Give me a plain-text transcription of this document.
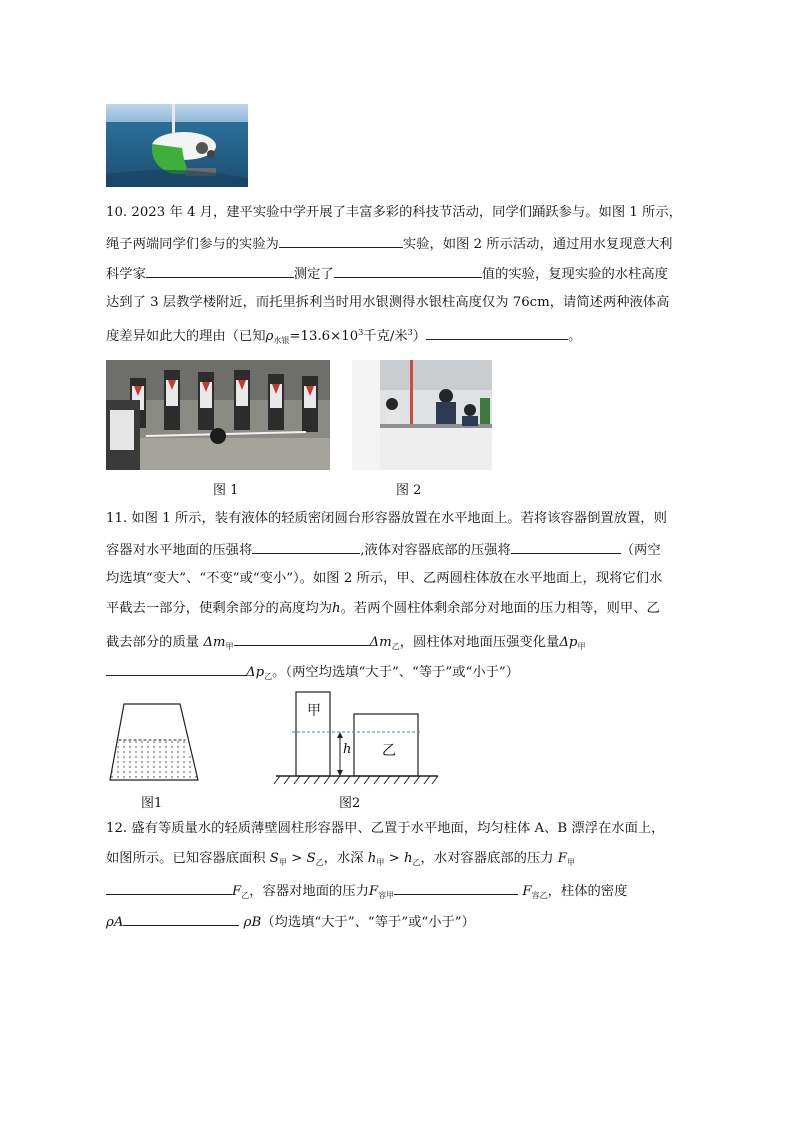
10. 2023 年 4 月，建平实验中学开展了丰富多彩的科技节活动，同学们踊跃参与。如图 1 所示，
绳子两端同学们参与的实验为	实验，如图 2 所示活动，通过用水复现意大利
科学家	测定了	值的实验，复现实验的水柱高度
达到了 3 层教学楼附近，而托里拆利当时用水银测得水银柱高度仅为 76cm，请简述两种液体高
度差异如此大的理由（已知$\rho_{水银}=13.6\times 10^3$千克/米$^3$）	。
图 1	图 2
11. 如图 1 所示，装有液体的轻质密闭圆台形容器放置在水平地面上。若将该容器倒置放置，则
容器对水平地面的压强将	,液体对容器底部的压强将	（两空
均选填“变大”、“不变”或“变小”）。如图 2 所示，甲、乙两圆柱体放在水平地面上，现将它们水
平截去一部分，使剩余部分的高度均为h。若两个圆柱体剩余部分对地面的压力相等，则甲、乙
截去部分的质量 $\Delta m_甲$	$\Delta m_乙$，圆柱体对地面压强变化量$\Delta p_甲$
$\Delta p_乙$。（两空均选填“大于”、“等于”或“小于”）
图1
甲
乙
h
图2
12. 盛有等质量水的轻质薄壁圆柱形容器甲、乙置于水平地面，均匀柱体 A、B 漂浮在水面上，
如图所示。已知容器底面积 $S_甲 > S_乙$，水深 $h_甲 > h_乙$，水对容器底部的压力 $F_甲$
$F_乙$，容器对地面的压力$F_{容甲}$	$F_{容乙}$，柱体的密度
ρA	ρB（均选填“大于”、“等于”或“小于”）
